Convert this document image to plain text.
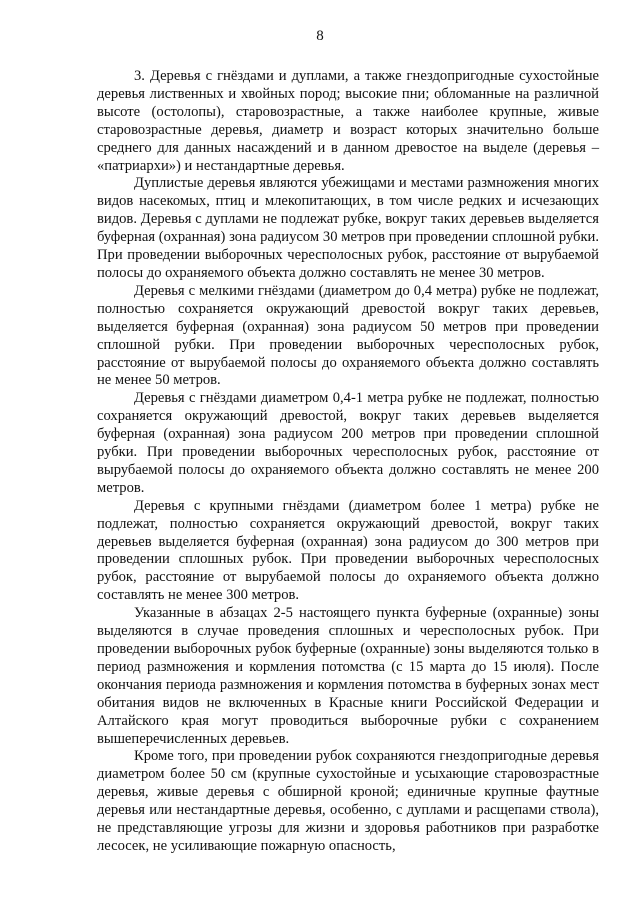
8

3. Деревья с гнёздами и дуплами, а также гнездопригодные сухостойные деревья лиственных и хвойных пород; высокие пни; обломанные на различной высоте (остолопы), старовозрастные, а также наиболее крупные, живые старовозрастные деревья, диаметр и возраст которых значительно больше среднего для данных насаждений и в данном древостое на выделе (деревья – «патриархи») и нестандартные деревья.

Дуплистые деревья являются убежищами и местами размножения многих видов насекомых, птиц и млекопитающих, в том числе редких и исчезающих видов. Деревья с дуплами не подлежат рубке, вокруг таких деревьев выделяется буферная (охранная) зона радиусом 30 метров при проведении сплошной рубки. При проведении выборочных чересполосных рубок, расстояние от вырубаемой полосы до охраняемого объекта должно составлять не менее 30 метров.

Деревья с мелкими гнёздами (диаметром до 0,4 метра) рубке не подлежат, полностью сохраняется окружающий древостой вокруг таких деревьев, выделяется буферная (охранная) зона радиусом 50 метров при проведении сплошной рубки. При проведении выборочных чересполосных рубок, расстояние от вырубаемой полосы до охраняемого объекта должно составлять не менее 50 метров.

Деревья с гнёздами диаметром 0,4-1 метра рубке не подлежат, полностью сохраняется окружающий древостой, вокруг таких деревьев выделяется буферная (охранная) зона радиусом 200 метров при проведении сплошной рубки. При проведении выборочных чересполосных рубок, расстояние от вырубаемой полосы до охраняемого объекта должно составлять не менее 200 метров.

Деревья с крупными гнёздами (диаметром более 1 метра) рубке не подлежат, полностью сохраняется окружающий древостой, вокруг таких деревьев выделяется буферная (охранная) зона радиусом до 300 метров при проведении сплошных рубок. При проведении выборочных чересполосных рубок, расстояние от вырубаемой полосы до охраняемого объекта должно составлять не менее 300 метров.

Указанные в абзацах 2-5 настоящего пункта буферные (охранные) зоны выделяются в случае проведения сплошных и чересполосных рубок. При проведении выборочных рубок буферные (охранные) зоны выделяются только в период размножения и кормления потомства (с 15 марта до 15 июля). После окончания периода размножения и кормления потомства в буферных зонах мест обитания видов не включенных в Красные книги Российской Федерации и Алтайского края могут проводиться выборочные рубки с сохранением вышеперечисленных деревьев.

Кроме того, при проведении рубок сохраняются гнездопригодные деревья диаметром более 50 см (крупные сухостойные и усыхающие старовозрастные деревья, живые деревья с обширной кроной; единичные крупные фаутные деревья или нестандартные деревья, особенно, с дуплами и расщепами ствола), не представляющие угрозы для жизни и здоровья работников при разработке лесосек, не усиливающие пожарную опасность,
